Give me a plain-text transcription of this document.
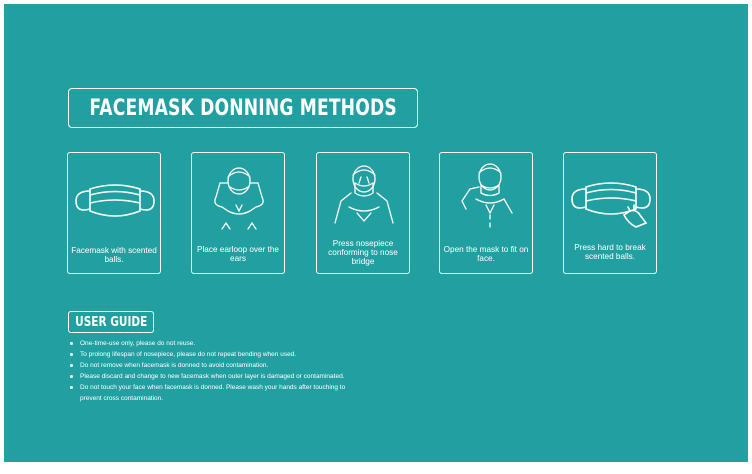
FACEMASK DONNING METHODS
Facemask with scented balls.
Place earloop over the ears
Press nosepiece conforming to nose bridge
Open the mask to fit on face.
Press hard to break scented balls.
USER GUIDE
One-time-use only, please do not reuse.
To prolong lifespan of nosepiece, please do not repeat bending when used.
Do not remove when facemask is donned to avoid contamination.
Please discard and change to new facemask when outer layer is damaged or contaminated.
Do not touch your face when facemask is donned. Please wash your hands after touching to
prevent cross contamination.
